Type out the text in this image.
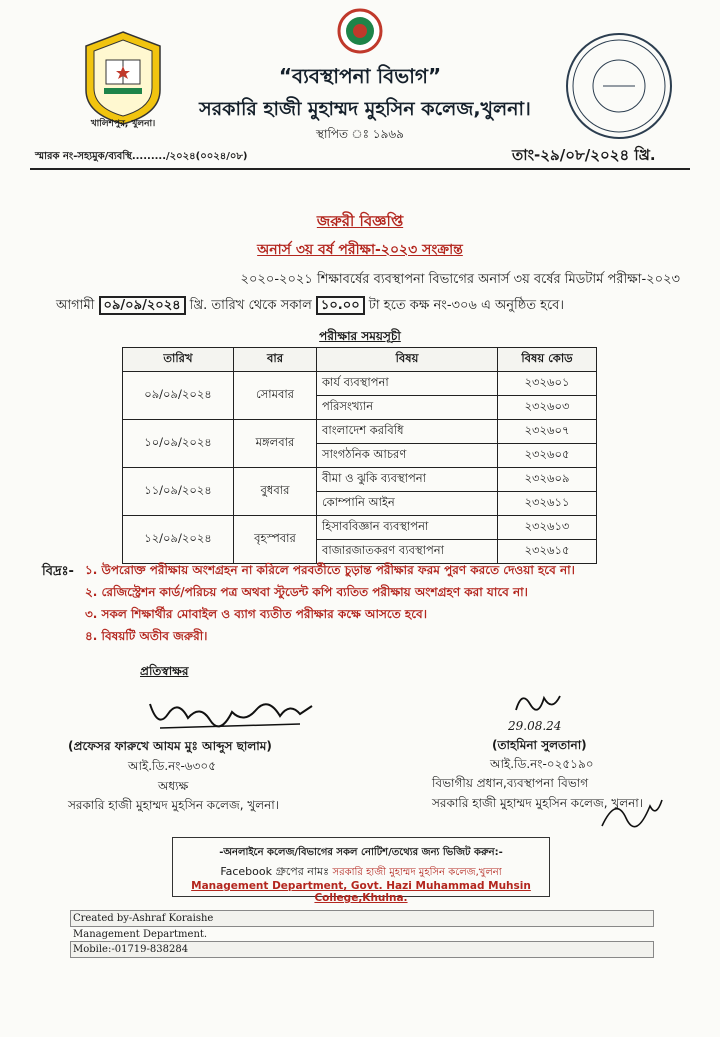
খালিশপুর, খুলনা।
“ব্যবস্থাপনা বিভাগ”
সরকারি হাজী মুহাম্মদ মুহসিন কলেজ,খুলনা।
স্থাপিত ঃ ১৯৬৯
স্মারক নং-সহ্যমুক/ব্যবস্থি........./২০২৪(০০২৪/০৮)	তাং-২৯/০৮/২০২৪ খ্রি.
জরুরী বিজ্ঞপ্তি
অনার্স ৩য় বর্ষ পরীক্ষা-২০২৩ সংক্রান্ত
২০২০-২০২১ শিক্ষাবর্ষের ব্যবস্থাপনা বিভাগের অনার্স ৩য় বর্ষের মিডটার্ম পরীক্ষা-২০২৩
আগামী ০৯/০৯/২০২৪ খ্রি. তারিখ থেকে সকাল ১০.০০ টা হতে কক্ষ নং-৩০৬ এ অনুষ্ঠিত হবে।
পরীক্ষার সময়সূচী
তারিখ	বার	বিষয়	বিষয় কোড
০৯/০৯/২০২৪	সোমবার	কার্য ব্যবস্থাপনা	২৩২৬০১
		পরিসংখ্যান	২৩২৬০৩
১০/০৯/২০২৪	মঙ্গলবার	বাংলাদেশ করবিধি	২৩২৬০৭
		সাংগঠনিক আচরণ	২৩২৬০৫
১১/০৯/২০২৪	বুধবার	বীমা ও ঝুকি ব্যবস্থাপনা	২৩২৬০৯
		কোম্পানি আইন	২৩২৬১১
১২/০৯/২০২৪	বৃহস্পবার	হিসাববিজ্ঞান ব্যবস্থাপনা	২৩২৬১৩
		বাজারজাতকরণ ব্যবস্থাপনা	২৩২৬১৫
বিদ্রঃ- ১. উপরোক্ত পরীক্ষায় অংশগ্রহন না করিলে পরবর্তীতে চুড়ান্ত পরীক্ষার ফরম পুরণ করতে দেওয়া হবে না।
২. রেজিস্ট্রেশন কার্ড/পরিচয় পত্র অথবা স্টুডেন্ট কপি ব্যতিত পরীক্ষায় অংশগ্রহণ করা যাবে না।
৩. সকল শিক্ষার্থীর মোবাইল ও ব্যাগ ব্যতীত পরীক্ষার কক্ষে আসতে হবে।
৪. বিষয়টি অতীব জরুরী।
প্রতিস্বাক্ষর
(প্রফেসর ফারুখে আযম মুঃ আব্দুস ছালাম)
আই.ডি.নং-৬৩০৫
অধ্যক্ষ
সরকারি হাজী মুহাম্মদ মুহসিন কলেজ, খুলনা।
29.08.24
(তাহমিনা সুলতানা)
আই.ডি.নং-০২৫১৯০
বিভাগীয় প্রধান,ব্যবস্থাপনা বিভাগ
সরকারি হাজী মুহাম্মদ মুহসিন কলেজ, খুলনা।
-অনলাইনে কলেজ/বিভাগের সকল নোটিশ/তথ্যের জন্য ভিজিট করুন:-
Facebook গ্রুপের নামঃ সরকারি হাজী মুহাম্মদ মুহসিন কলেজ,খুলনা
Management Department, Govt. Hazi Muhammad Muhsin College,Khulna.
Created by-Ashraf Koraishe
Management Department.
Mobile:-01719-838284
